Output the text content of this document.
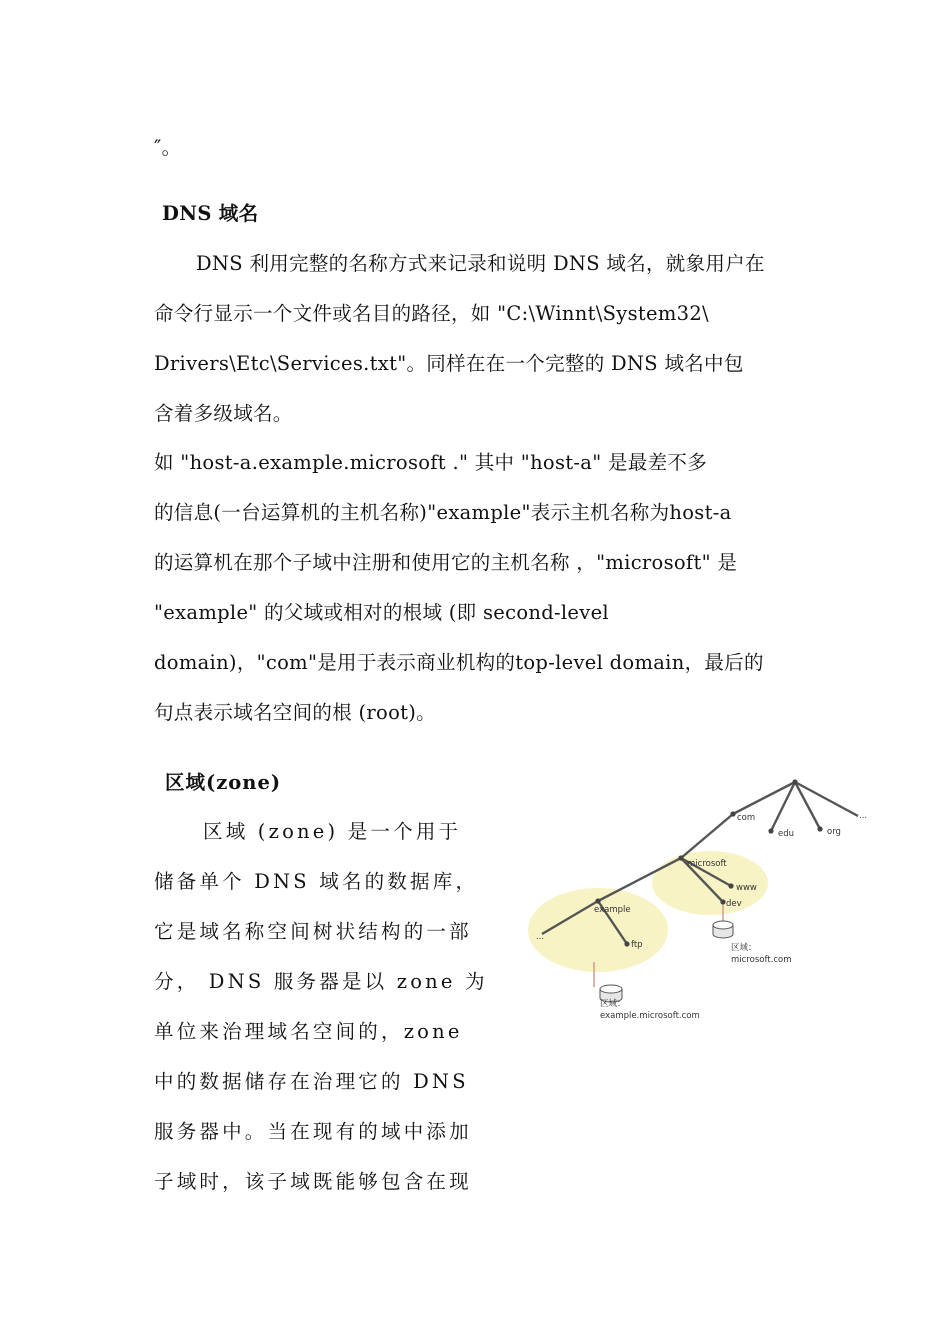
″。
DNS 域名
DNS 利用完整的名称方式来记录和说明 DNS 域名，就象用户在
命令行显示一个文件或名目的路径，如 "C:\Winnt\System32\
Drivers\Etc\Services.txt"。同样在在一个完整的 DNS 域名中包
含着多级域名。
如 "host-a.example.microsoft ." 其中 "host-a" 是最差不多
的信息(一台运算机的主机名称)"example"表示主机名称为host-a
的运算机在那个子域中注册和使用它的主机名称 ，"microsoft" 是
"example" 的父域或相对的根域 (即 second-level
domain)，"com"是用于表示商业机构的top-level domain，最后的
句点表示域名空间的根 (root)。
区域(zone)
区域 (zone) 是一个用于
储备单个 DNS 域名的数据库，
它是域名称空间树状结构的一部
分， DNS 服务器是以 zone 为
单位来治理域名空间的，zone
中的数据储存在治理它的 DNS
服务器中。当在现有的域中添加
子域时，该子域既能够包含在现
com
edu	org
...
microsoft
www
dev
example
ftp
...
区域：
microsoft.com
区域：
example.microsoft.com
